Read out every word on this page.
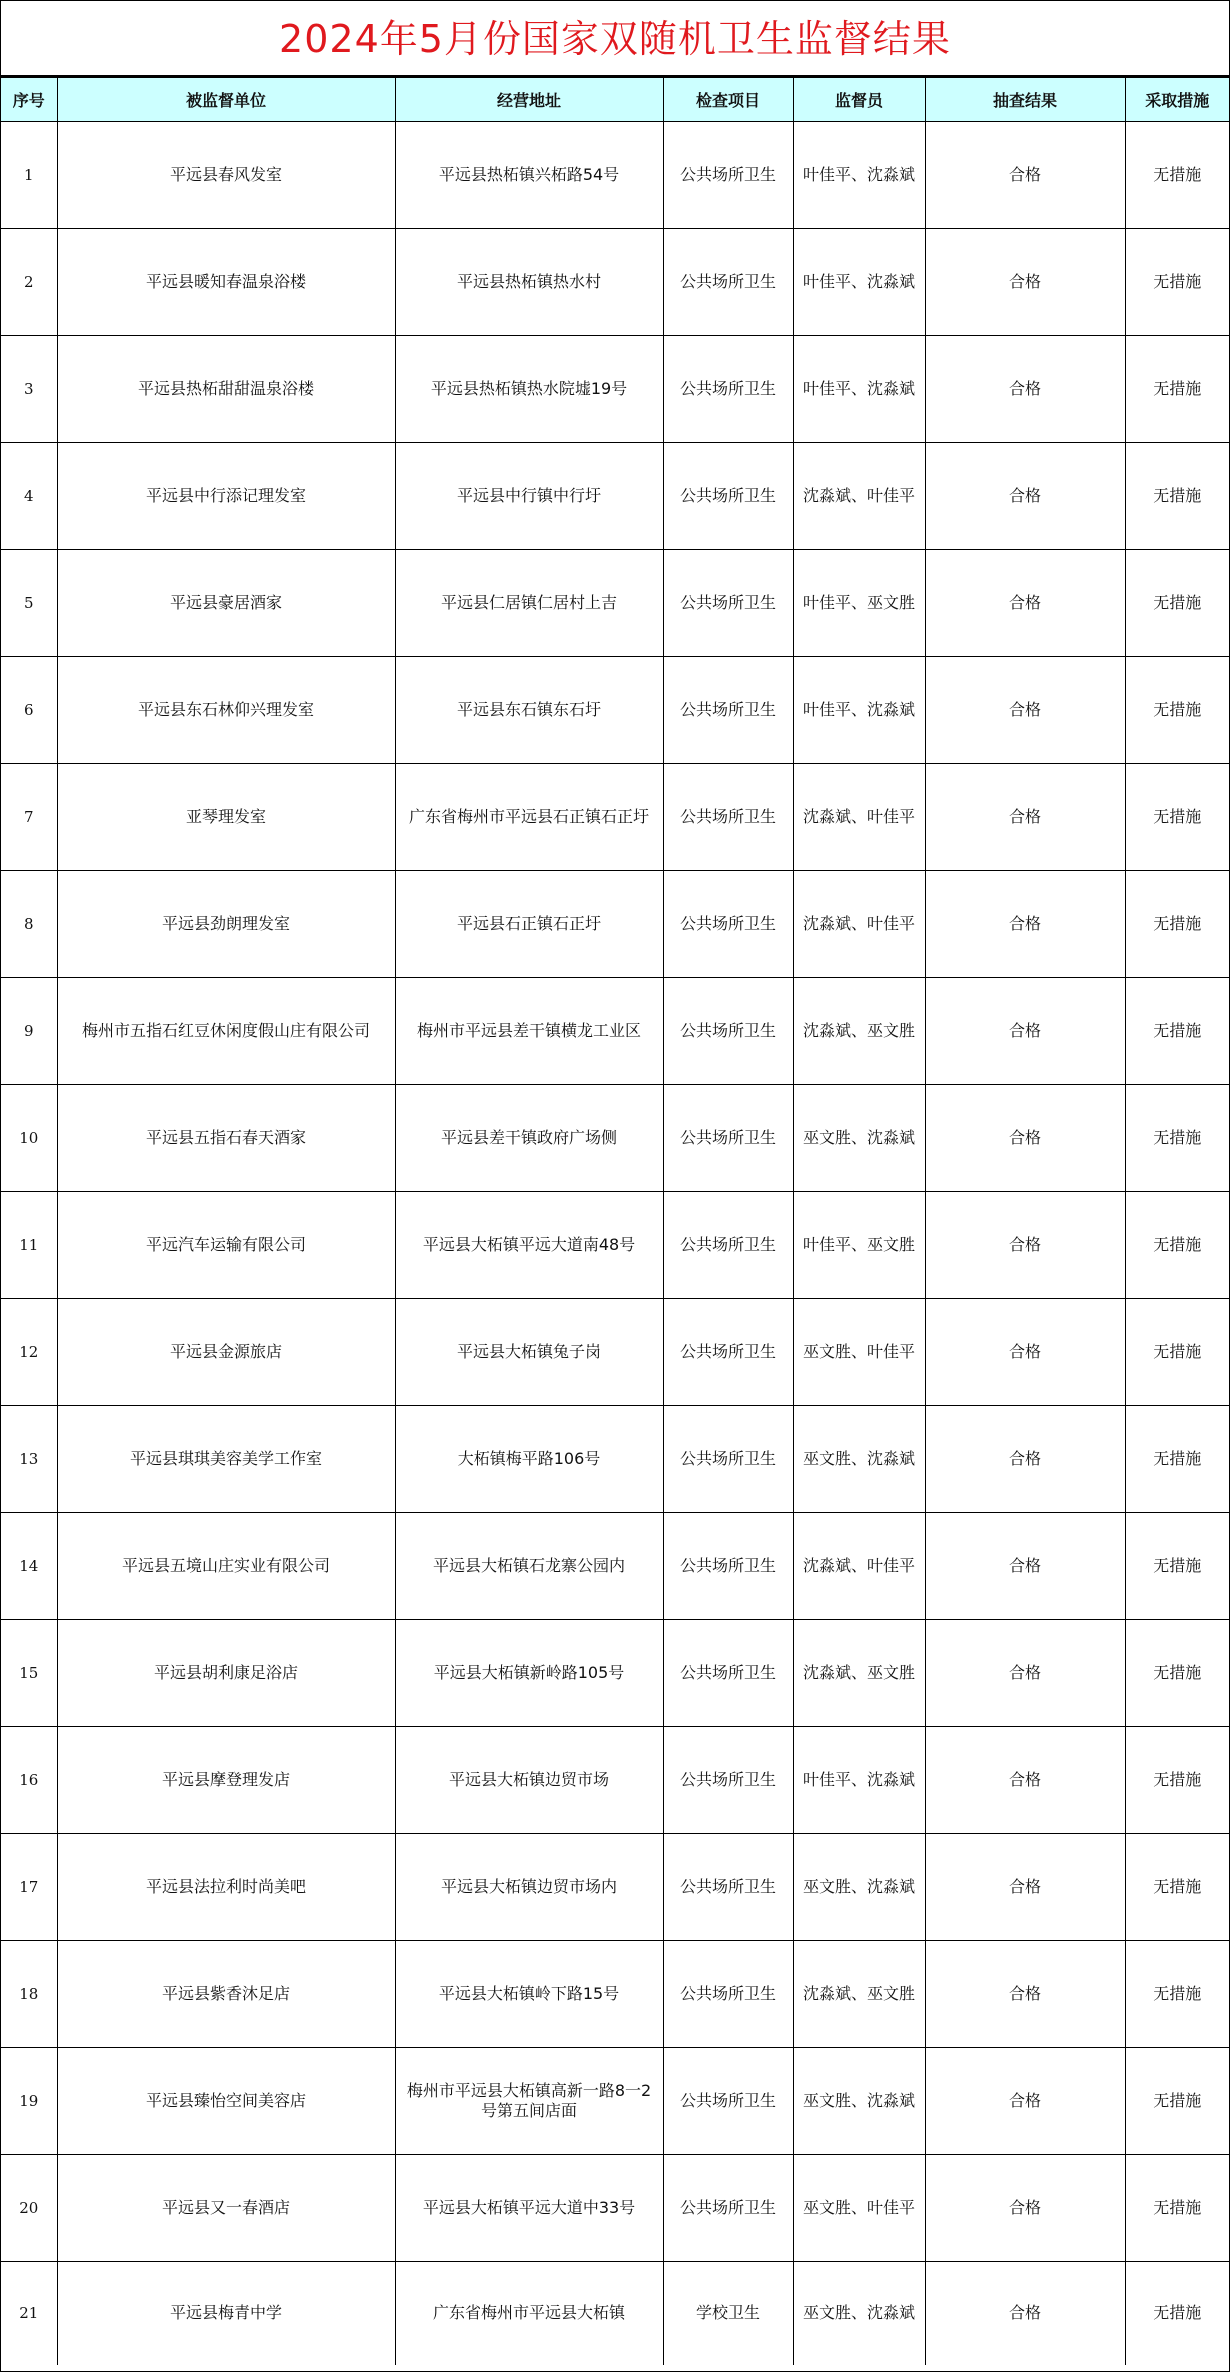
2024年5月份国家双随机卫生监督结果
序号	被监督单位	经营地址	检查项目	监督员	抽查结果	采取措施
1	平远县春风发室	平远县热柘镇兴柘路54号	公共场所卫生	叶佳平、沈淼斌	合格	无措施
2	平远县暖知春温泉浴楼	平远县热柘镇热水村	公共场所卫生	叶佳平、沈淼斌	合格	无措施
3	平远县热柘甜甜温泉浴楼	平远县热柘镇热水院墟19号	公共场所卫生	叶佳平、沈淼斌	合格	无措施
4	平远县中行添记理发室	平远县中行镇中行圩	公共场所卫生	沈淼斌、叶佳平	合格	无措施
5	平远县豪居酒家	平远县仁居镇仁居村上吉	公共场所卫生	叶佳平、巫文胜	合格	无措施
6	平远县东石林仰兴理发室	平远县东石镇东石圩	公共场所卫生	叶佳平、沈淼斌	合格	无措施
7	亚琴理发室	广东省梅州市平远县石正镇石正圩	公共场所卫生	沈淼斌、叶佳平	合格	无措施
8	平远县劲朗理发室	平远县石正镇石正圩	公共场所卫生	沈淼斌、叶佳平	合格	无措施
9	梅州市五指石红豆休闲度假山庄有限公司	梅州市平远县差干镇横龙工业区	公共场所卫生	沈淼斌、巫文胜	合格	无措施
10	平远县五指石春天酒家	平远县差干镇政府广场侧	公共场所卫生	巫文胜、沈淼斌	合格	无措施
11	平远汽车运输有限公司	平远县大柘镇平远大道南48号	公共场所卫生	叶佳平、巫文胜	合格	无措施
12	平远县金源旅店	平远县大柘镇兔子岗	公共场所卫生	巫文胜、叶佳平	合格	无措施
13	平远县琪琪美容美学工作室	大柘镇梅平路106号	公共场所卫生	巫文胜、沈淼斌	合格	无措施
14	平远县五境山庄实业有限公司	平远县大柘镇石龙寨公园内	公共场所卫生	沈淼斌、叶佳平	合格	无措施
15	平远县胡利康足浴店	平远县大柘镇新岭路105号	公共场所卫生	沈淼斌、巫文胜	合格	无措施
16	平远县摩登理发店	平远县大柘镇边贸市场	公共场所卫生	叶佳平、沈淼斌	合格	无措施
17	平远县法拉利时尚美吧	平远县大柘镇边贸市场内	公共场所卫生	巫文胜、沈淼斌	合格	无措施
18	平远县紫香沐足店	平远县大柘镇岭下路15号	公共场所卫生	沈淼斌、巫文胜	合格	无措施
19	平远县臻怡空间美容店	梅州市平远县大柘镇高新一路8一2号第五间店面	公共场所卫生	巫文胜、沈淼斌	合格	无措施
20	平远县又一春酒店	平远县大柘镇平远大道中33号	公共场所卫生	巫文胜、叶佳平	合格	无措施
21	平远县梅青中学	广东省梅州市平远县大柘镇	学校卫生	巫文胜、沈淼斌	合格	无措施
